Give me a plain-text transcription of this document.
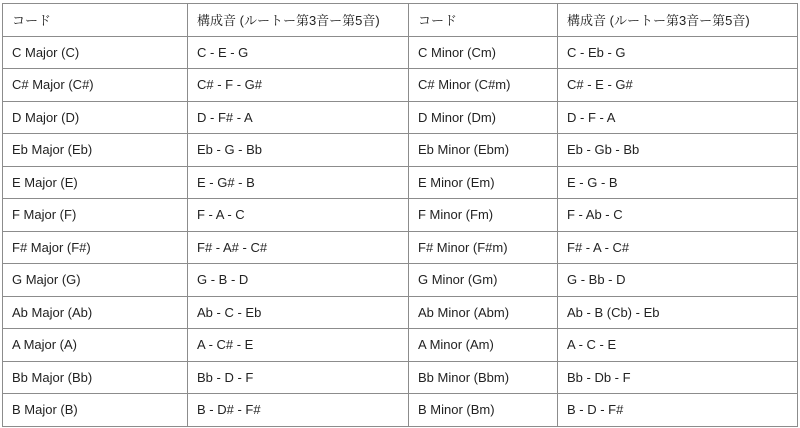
コード	構成音 (ルートー第3音ー第5音)	コード	構成音 (ルートー第3音ー第5音)
C Major (C)	C - E - G	C Minor (Cm)	C - Eb - G
C# Major (C#)	C# - F - G#	C# Minor (C#m)	C# - E - G#
D Major (D)	D - F# - A	D Minor (Dm)	D - F - A
Eb Major (Eb)	Eb - G - Bb	Eb Minor (Ebm)	Eb - Gb - Bb
E Major (E)	E - G# - B	E Minor (Em)	E - G - B
F Major (F)	F - A - C	F Minor (Fm)	F - Ab - C
F# Major (F#)	F# - A# - C#	F# Minor (F#m)	F# - A - C#
G Major (G)	G - B - D	G Minor (Gm)	G - Bb - D
Ab Major (Ab)	Ab - C - Eb	Ab Minor (Abm)	Ab - B (Cb) - Eb
A Major (A)	A - C# - E	A Minor (Am)	A - C - E
Bb Major (Bb)	Bb - D - F	Bb Minor (Bbm)	Bb - Db - F
B Major (B)	B - D# - F#	B Minor (Bm)	B - D - F#
